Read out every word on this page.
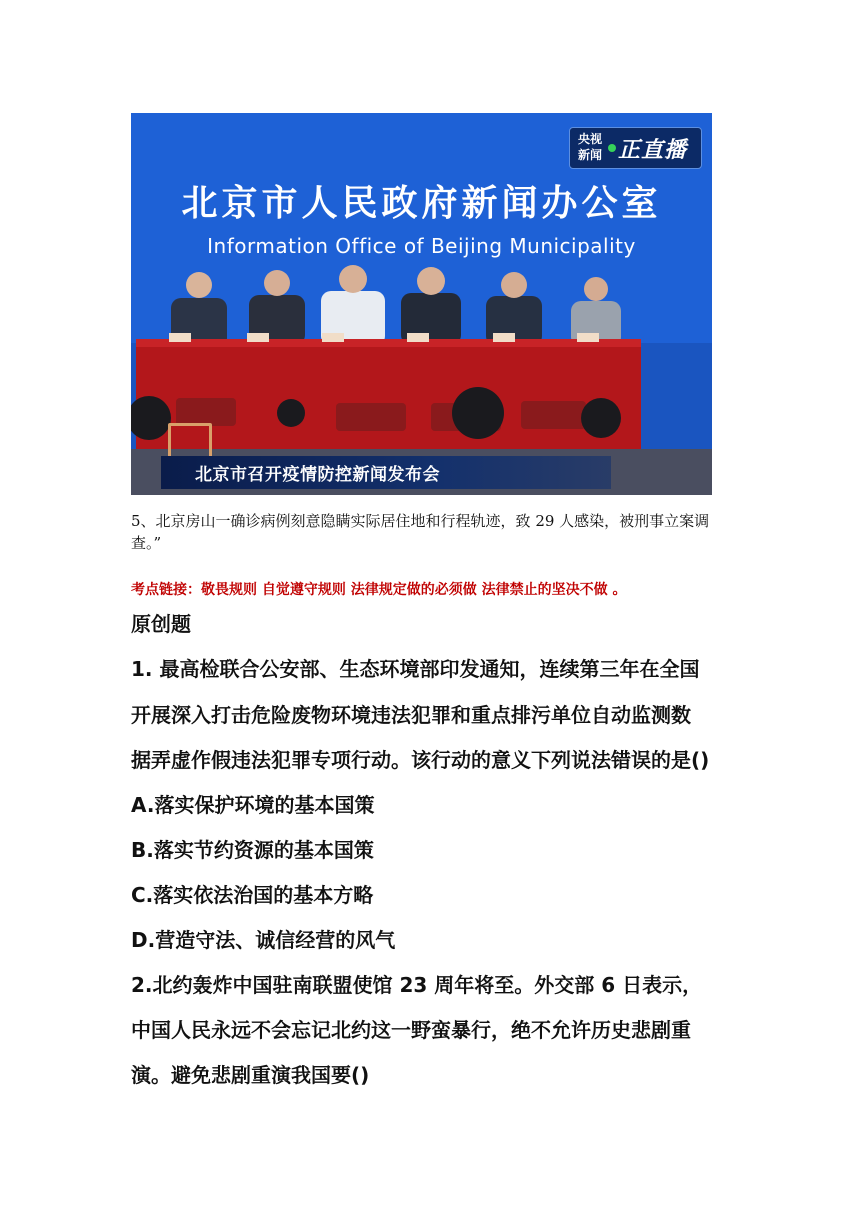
北京市人民政府新闻办公室
Information Office of Beijing Municipality
央视
新闻 正直播
北京市召开疫情防控新闻发布会
5、北京房山一确诊病例刻意隐瞒实际居住地和行程轨迹，致 29 人感染，被刑事立案调查。”
考点链接：敬畏规则 自觉遵守规则 法律规定做的必须做 法律禁止的坚决不做 。
原创题
1. 最高检联合公安部、生态环境部印发通知，连续第三年在全国
开展深入打击危险废物环境违法犯罪和重点排污单位自动监测数
据弄虚作假违法犯罪专项行动。该行动的意义下列说法错误的是()
A.落实保护环境的基本国策
B.落实节约资源的基本国策
C.落实依法治国的基本方略
D.营造守法、诚信经营的风气
2.北约轰炸中国驻南联盟使馆 23 周年将至。外交部 6 日表示，
中国人民永远不会忘记北约这一野蛮暴行，绝不允许历史悲剧重
演。避免悲剧重演我国要()
